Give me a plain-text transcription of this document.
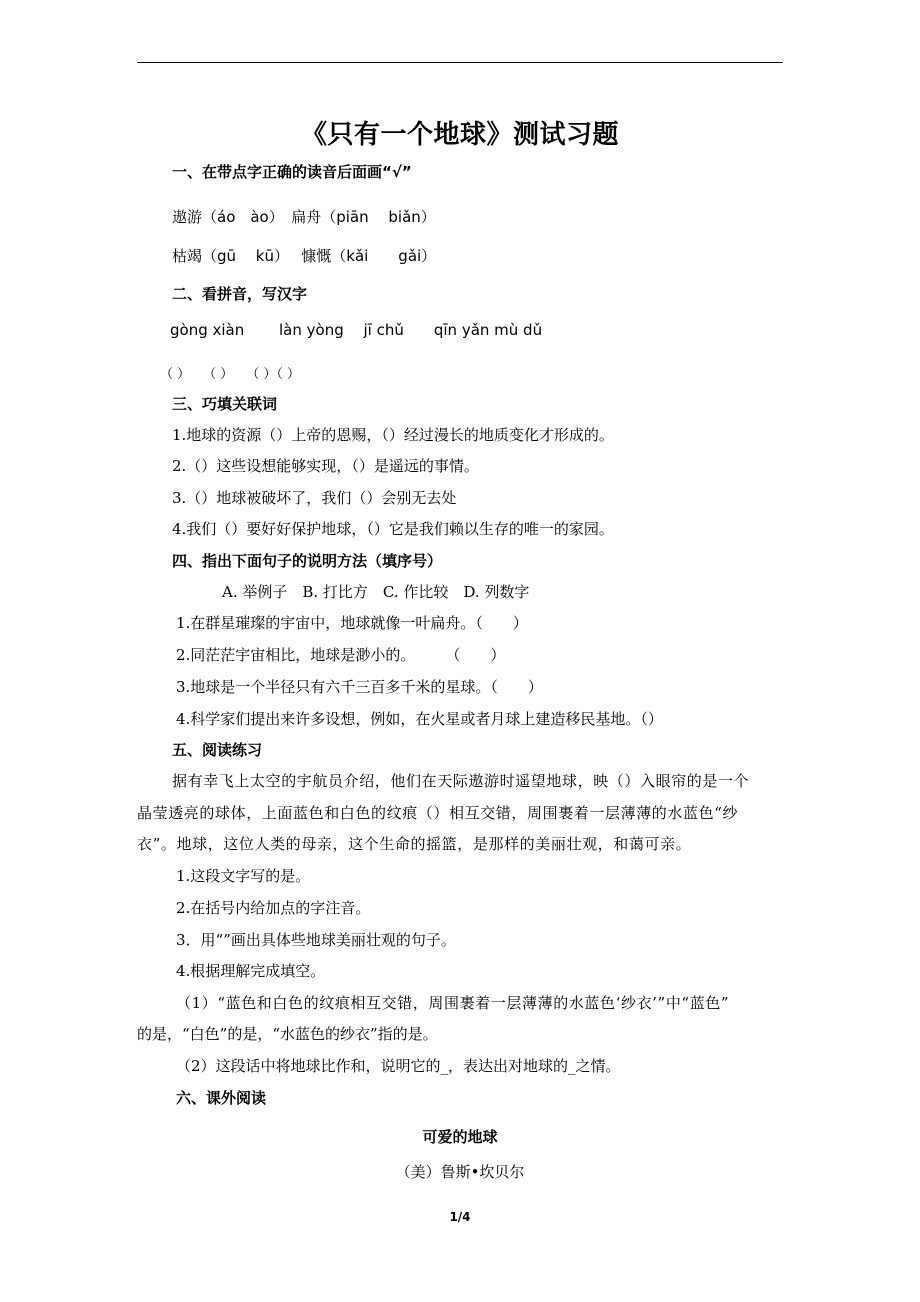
《只有一个地球》测试习题
一、在带点字正确的读音后面画“√”
遨游（áo　ào）　扁舟（piān　 biǎn）
枯竭（gū　 kū）　 慷慨（kǎi　　gǎi）
二、看拼音，写汉字
gòng xiàn　　 làn yòng　 jī chǔ　　qīn yǎn mù dǔ
（ ）　　（ ）　　（ ）（ ）
三、巧填关联词
1.地球的资源（）上帝的恩赐，（）经过漫长的地质变化才形成的。
2.（）这些设想能够实现，（）是遥远的事情。
3.（）地球被破坏了，我们（）会别无去处
4.我们（）要好好保护地球，（）它是我们赖以生存的唯一的家园。
四、指出下面句子的说明方法（填序号）
A. 举例子　B. 打比方　C. 作比较　D. 列数字
1.在群星璀璨的宇宙中，地球就像一叶扁舟。（　　）
2.同茫茫宇宙相比，地球是渺小的。　　　（　　）
3.地球是一个半径只有六千三百多千米的星球。（　　）
4.科学家们提出来许多设想，例如，在火星或者月球上建造移民基地。（）
五、阅读练习
据有幸飞上太空的宇航员介绍，他们在天际遨游时遥望地球，映（）入眼帘的是一个
晶莹透亮的球体，上面蓝色和白色的纹痕（）相互交错，周围裹着一层薄薄的水蓝色“纱
衣”。地球，这位人类的母亲，这个生命的摇篮，是那样的美丽壮观，和蔼可亲。
1.这段文字写的是。
2.在括号内给加点的字注音。
3．用“”画出具体些地球美丽壮观的句子。
4.根据理解完成填空。
（1）“蓝色和白色的纹痕相互交错，周围裹着一层薄薄的水蓝色‘纱衣’”中“蓝色”
的是，“白色”的是，“水蓝色的纱衣”指的是。
（2）这段话中将地球比作和，说明它的_，表达出对地球的_之情。
六、课外阅读
可爱的地球
（美）鲁斯•坎贝尔
1/4
